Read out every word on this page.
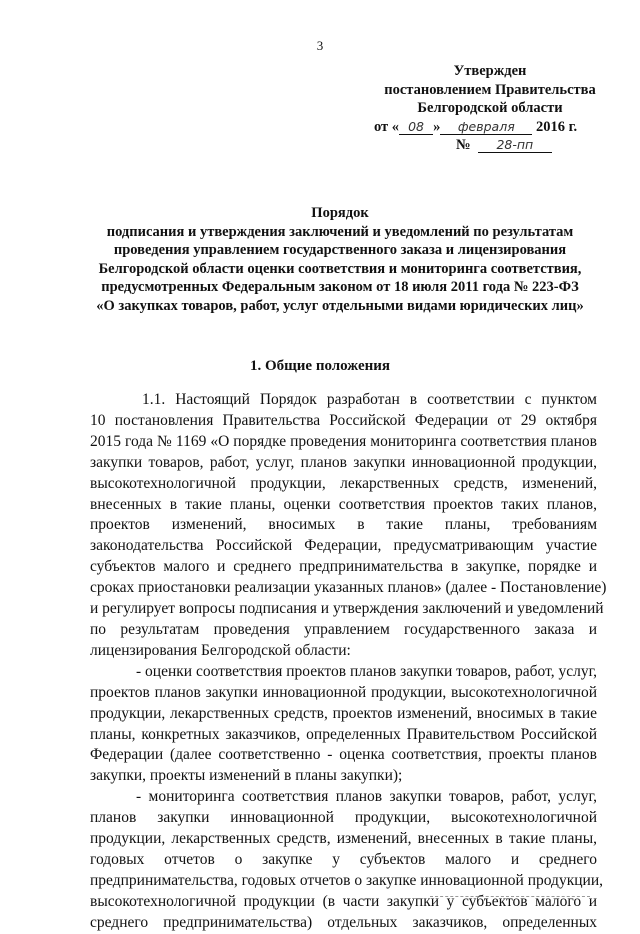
3
Утвержден
постановлением Правительства
Белгородской области
от « 08 » февраля 2016 г.
№ 28-пп
Порядок
подписания и утверждения заключений и уведомлений по результатам
проведения управлением государственного заказа и лицензирования
Белгородской области оценки соответствия и мониторинга соответствия,
предусмотренных Федеральным законом от 18 июля 2011 года № 223-ФЗ
«О закупках товаров, работ, услуг отдельными видами юридических лиц»
1. Общие положения
1.1. Настоящий Порядок разработан в соответствии с пунктом
10 постановления Правительства Российской Федерации от 29 октября
2015 года № 1169 «О порядке проведения мониторинга соответствия планов
закупки товаров, работ, услуг, планов закупки инновационной продукции,
высокотехнологичной продукции, лекарственных средств, изменений,
внесенных в такие планы, оценки соответствия проектов таких планов,
проектов изменений, вносимых в такие планы, требованиям
законодательства Российской Федерации, предусматривающим участие
субъектов малого и среднего предпринимательства в закупке, порядке и
сроках приостановки реализации указанных планов» (далее - Постановление)
и регулирует вопросы подписания и утверждения заключений и уведомлений
по результатам проведения управлением государственного заказа и
лицензирования Белгородской области:
- оценки соответствия проектов планов закупки товаров, работ, услуг,
проектов планов закупки инновационной продукции, высокотехнологичной
продукции, лекарственных средств, проектов изменений, вносимых в такие
планы, конкретных заказчиков, определенных Правительством Российской
Федерации (далее соответственно - оценка соответствия, проекты планов
закупки, проекты изменений в планы закупки);
- мониторинга соответствия планов закупки товаров, работ, услуг,
планов закупки инновационной продукции, высокотехнологичной
продукции, лекарственных средств, изменений, внесенных в такие планы,
годовых отчетов о закупке у субъектов малого и среднего
предпринимательства, годовых отчетов о закупке инновационной продукции,
высокотехнологичной продукции (в части закупки у субъектов малого и
среднего предпринимательства) отдельных заказчиков, определенных
